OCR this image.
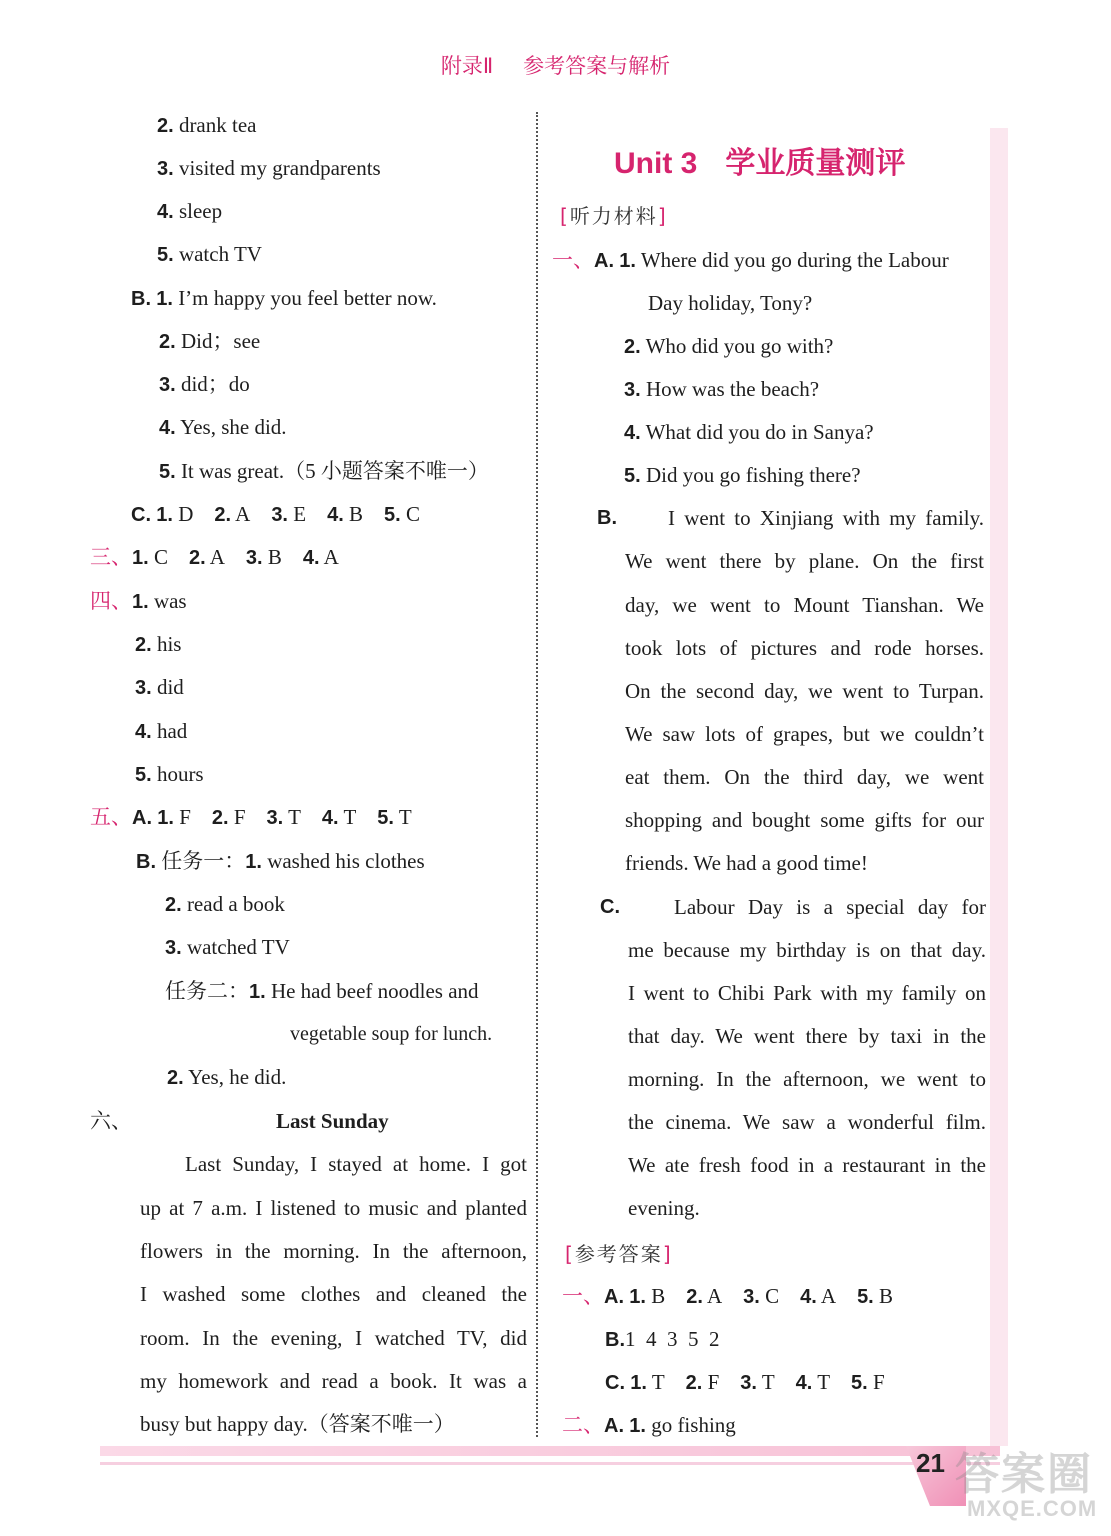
21 答案圈
MXQE.COM
附录Ⅱ 参考答案与解析
2. drank tea
3. visited my grandparents
4. sleep
5. watch TV
B. 1. I’m happy you feel better now.
2. Did；see
3. did；do
4. Yes, she did.
5. It was great.（5 小题答案不唯一）
C. 1. D 2. A 3. E 4. B 5. C
三、1. C 2. A 3. B 4. A
四、1. was
2. his
3. did
4. had
5. hours
五、A. 1. F 2. F 3. T 4. T 5. T
B. 任务一：1. washed his clothes
2. read a book
3. watched TV
任务二：1. He had beef noodles and
vegetable soup for lunch.
2. Yes, he did.
六、	Last Sunday
Last Sunday, I stayed at home. I got
up at 7 a.m. I listened to music and planted
flowers in the morning. In the afternoon,
I washed some clothes and cleaned the
room. In the evening, I watched TV, did
my homework and read a book. It was a
busy but happy day.（答案不唯一）
Unit 3 学业质量测评
[听力材料]
一、A. 1. Where did you go during the Labour
Day holiday, Tony?
2. Who did you go with?
3. How was the beach?
4. What did you do in Sanya?
5. Did you go fishing there?
B. I went to Xinjiang with my family.
We went there by plane. On the first
day, we went to Mount Tianshan. We
took lots of pictures and rode horses.
On the second day, we went to Turpan.
We saw lots of grapes, but we couldn’t
eat them. On the third day, we went
shopping and bought some gifts for our
friends. We had a good time!
C.	Labour Day is a special day for
me because my birthday is on that day.
I went to Chibi Park with my family on
that day. We went there by taxi in the
morning. In the afternoon, we went to
the cinema. We saw a wonderful film.
We ate fresh food in a restaurant in the
evening.
[参考答案]
一、A. 1. B 2. A 3. C 4. A 5. B
B.1  4  3  5  2
C. 1. T 2. F 3. T 4. T 5. F
二、A. 1. go fishing
